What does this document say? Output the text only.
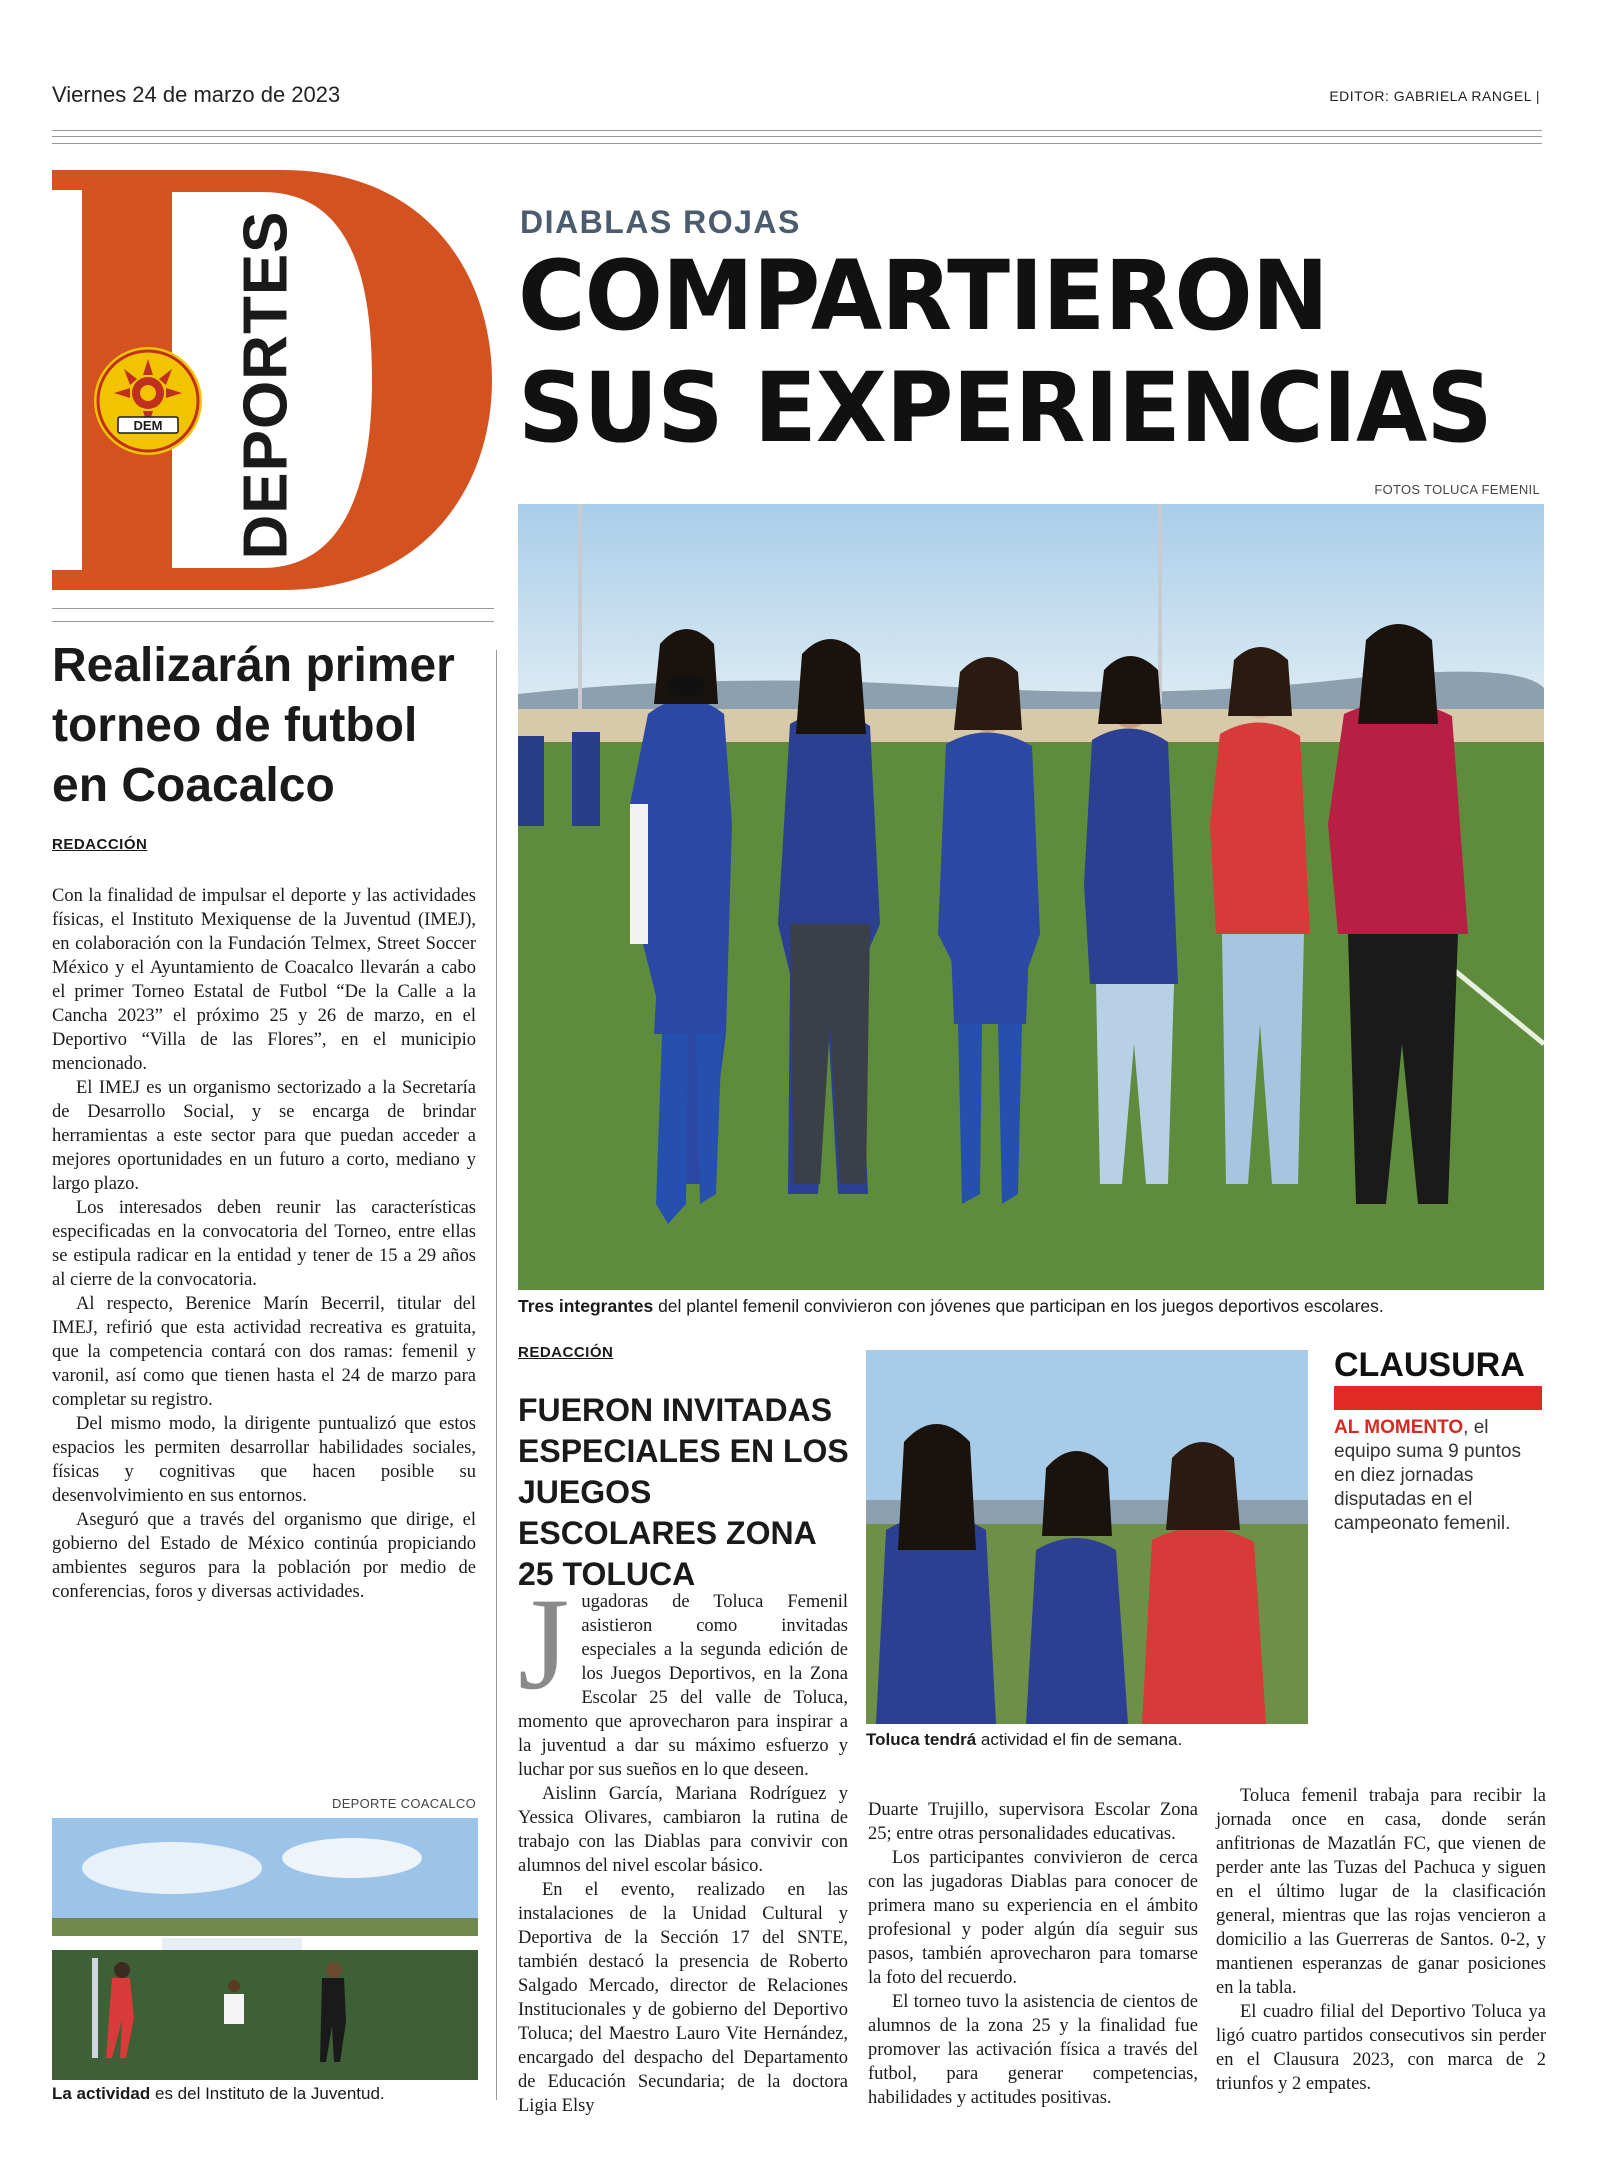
Viernes 24 de marzo de 2023	EDITOR: GABRIELA RANGEL |
D
DEPORTES
DEM
Realizarán primer torneo de futbol en Coacalco
REDACCIÓN

Con la finalidad de impulsar el deporte y las actividades físicas, el Instituto Mexiquense de la Juventud (IMEJ), en colaboración con la Fundación Telmex, Street Soccer México y el Ayuntamiento de Coacalco llevarán a cabo el primer Torneo Estatal de Futbol “De la Calle a la Cancha 2023” el próximo 25 y 26 de marzo, en el Deportivo “Villa de las Flores”, en el municipio mencionado.

El IMEJ es un organismo sectorizado a la Secretaría de Desarrollo Social, y se encarga de brindar herramientas a este sector para que puedan acceder a mejores oportunidades en un futuro a corto, mediano y largo plazo.

Los interesados deben reunir las características especificadas en la convocatoria del Torneo, entre ellas se estipula radicar en la entidad y tener de 15 a 29 años al cierre de la convocatoria.

Al respecto, Berenice Marín Becerril, titular del IMEJ, refirió que esta actividad recreativa es gratuita, que la competencia contará con dos ramas: femenil y varonil, así como que tienen hasta el 24 de marzo para completar su registro.

Del mismo modo, la dirigente puntualizó que estos espacios les permiten desarrollar habilidades sociales, físicas y cognitivas que hacen posible su desenvolvimiento en sus entornos.

Aseguró que a través del organismo que dirige, el gobierno del Estado de México continúa propiciando ambientes seguros para la población por medio de conferencias, foros y diversas actividades.

DEPORTE COACALCO
La actividad es del Instituto de la Juventud.
DIABLAS ROJAS
COMPARTIERON
SUS EXPERIENCIAS
FOTOS TOLUCA FEMENIL
Tres integrantes del plantel femenil convivieron con jóvenes que participan en los juegos deportivos escolares.
REDACCIÓN
FUERON INVITADAS ESPECIALES EN LOS JUEGOS ESCOLARES ZONA 25 TOLUCA
Toluca tendrá actividad el fin de semana.
CLAUSURA
AL MOMENTO, el equipo suma 9 puntos en diez jornadas disputadas en el campeonato femenil.

Jugadoras de Toluca Femenil asistieron como invitadas especiales a la segunda edición de los Juegos Deportivos, en la Zona Escolar 25 del valle de Toluca, momento que aprovecharon para inspirar a la juventud a dar su máximo esfuerzo y luchar por sus sueños en lo que deseen.

Aislinn García, Mariana Rodríguez y Yessica Olivares, cambiaron la rutina de trabajo con las Diablas para convivir con alumnos del nivel escolar básico.

En el evento, realizado en las instalaciones de la Unidad Cultural y Deportiva de la Sección 17 del SNTE, también destacó la presencia de Roberto Salgado Mercado, director de Relaciones Institucionales y de gobierno del Deportivo Toluca; del Maestro Lauro Vite Hernández, encargado del despacho del Departamento de Educación Secundaria; de la doctora Ligia Elsy

Duarte Trujillo, supervisora Escolar Zona 25; entre otras personalidades educativas.

Los participantes convivieron de cerca con las jugadoras Diablas para conocer de primera mano su experiencia en el ámbito profesional y poder algún día seguir sus pasos, también aprovecharon para tomarse la foto del recuerdo.

El torneo tuvo la asistencia de cientos de alumnos de la zona 25 y la finalidad fue promover las activación física a través del futbol, para generar competencias, habilidades y actitudes positivas.

Toluca femenil trabaja para recibir la jornada once en casa, donde serán anfitrionas de Mazatlán FC, que vienen de perder ante las Tuzas del Pachuca y siguen en el último lugar de la clasificación general, mientras que las rojas vencieron a domicilio a las Guerreras de Santos. 0-2, y mantienen esperanzas de ganar posiciones en la tabla.

El cuadro filial del Deportivo Toluca ya ligó cuatro partidos consecutivos sin perder en el Clausura 2023, con marca de 2 triunfos y 2 empates.
